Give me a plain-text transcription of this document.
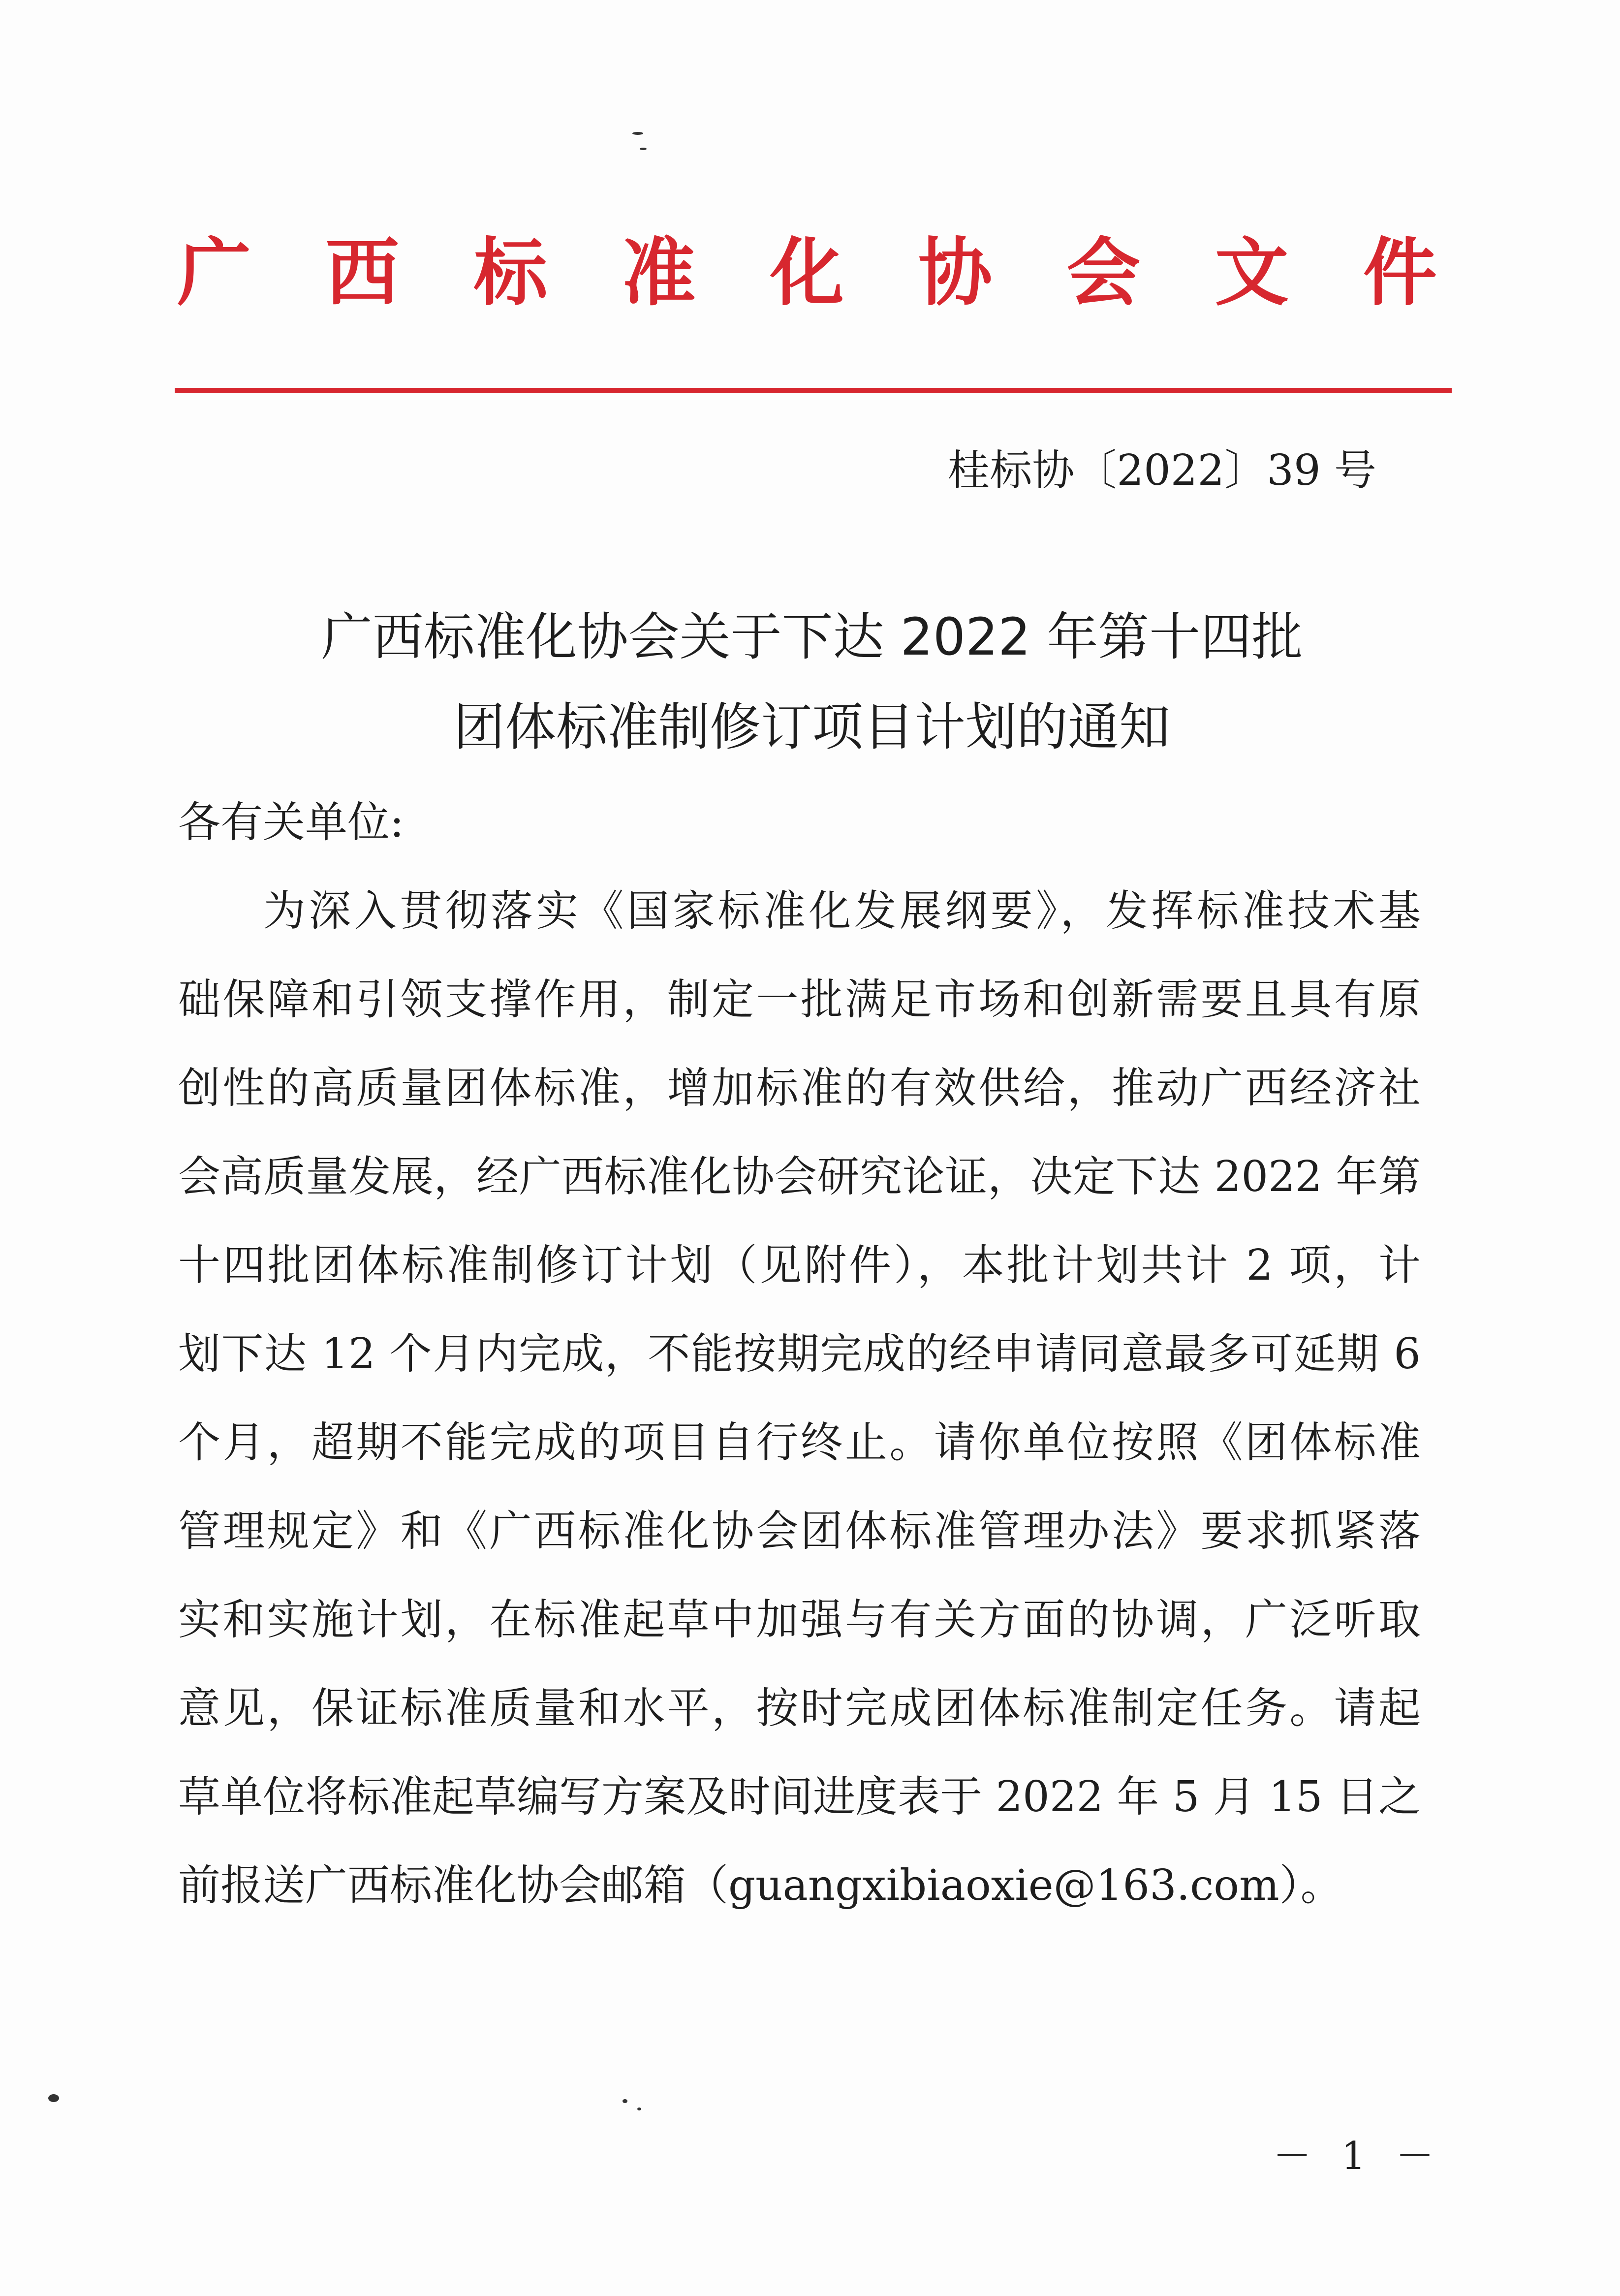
广 西 标 准 化 协 会 文 件
桂标协〔2022〕39 号
广西标准化协会关于下达 2022 年第十四批
团体标准制修订项目计划的通知
各有关单位:
为深入贯彻落实《国家标准化发展纲要》，发挥标准技术基
础保障和引领支撑作用，制定一批满足市场和创新需要且具有原
创性的高质量团体标准，增加标准的有效供给，推动广西经济社
会高质量发展，经广西标准化协会研究论证，决定下达 2022 年第
十四批团体标准制修订计划（见附件），本批计划共计 2 项，计
划下达 12 个月内完成，不能按期完成的经申请同意最多可延期 6
个月，超期不能完成的项目自行终止。请你单位按照《团体标准
管理规定》和《广西标准化协会团体标准管理办法》要求抓紧落
实和实施计划，在标准起草中加强与有关方面的协调，广泛听取
意见，保证标准质量和水平，按时完成团体标准制定任务。请起
草单位将标准起草编写方案及时间进度表于 2022 年 5 月 15 日之
前报送广西标准化协会邮箱（guangxibiaoxie@163.com）。
－ 1 －
